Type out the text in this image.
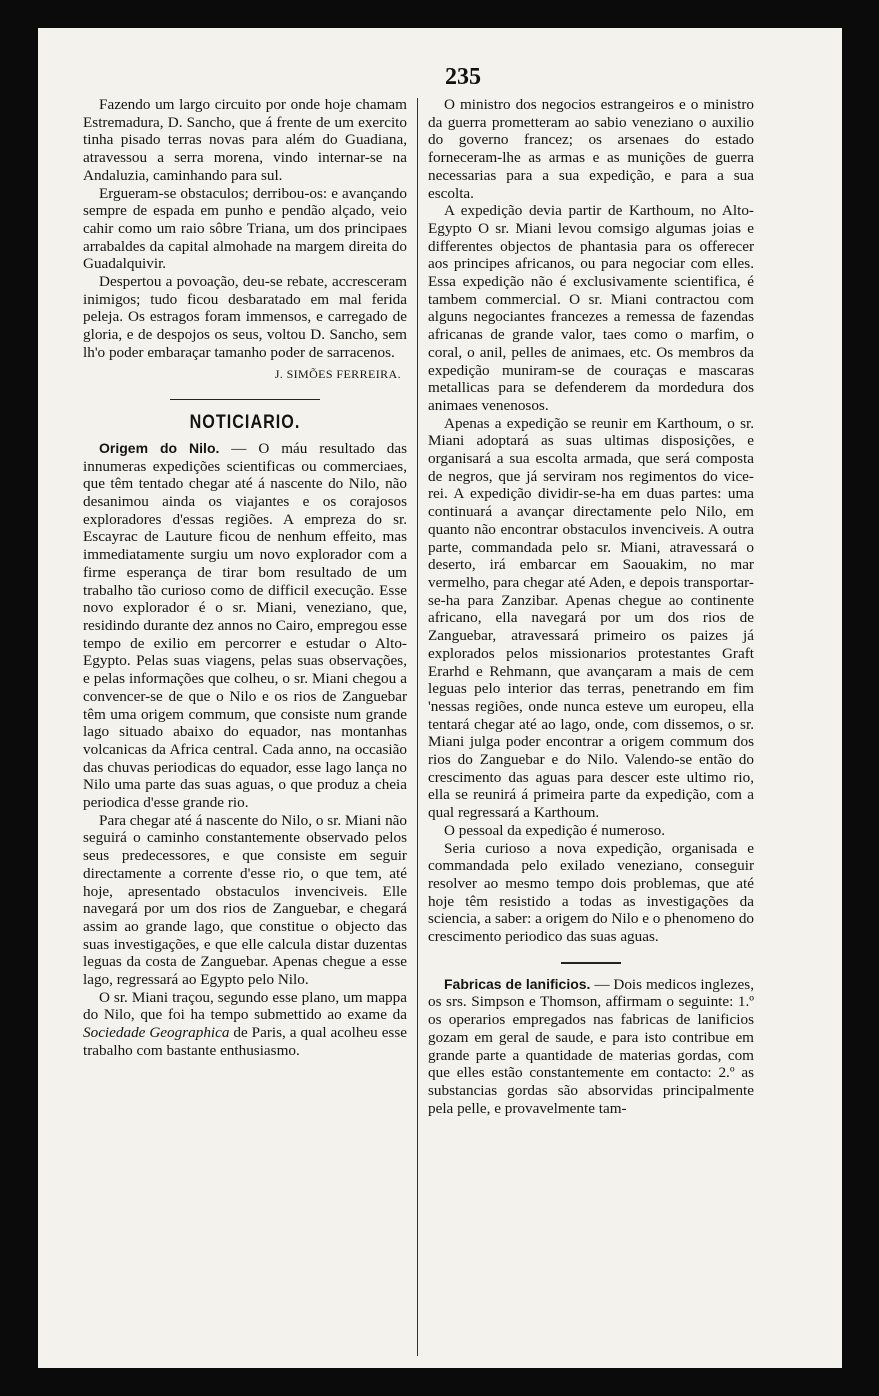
235

Fazendo um largo circuito por onde hoje chamam Estremadura, D. Sancho, que á frente de um exercito tinha pisado terras novas para além do Guadiana, atravessou a serra morena, vindo internar-se na Andaluzia, caminhando para sul.

Ergueram-se obstaculos; derribou-os: e avançando sempre de espada em punho e pendão alçado, veio cahir como um raio sôbre Triana, um dos principaes arrabaldes da capital almohade na margem direita do Guadalquivir.

Despertou a povoação, deu-se rebate, accresceram inimigos; tudo ficou desbaratado em mal ferida peleja. Os estragos foram immensos, e carregado de gloria, e de despojos os seus, voltou D. Sancho, sem lh'o poder embaraçar tamanho poder de sarracenos.

J. SIMÕES FERREIRA.
NOTICIARIO.

Origem do Nilo. — O máu resultado das innumeras expedições scientificas ou commerciaes, que têm tentado chegar até á nascente do Nilo, não desanimou ainda os viajantes e os corajosos exploradores d'essas regiões. A empreza do sr. Escayrac de Lauture ficou de nenhum effeito, mas immediatamente surgiu um novo explorador com a firme esperança de tirar bom resultado de um trabalho tão curioso como de difficil execução. Esse novo explorador é o sr. Miani, veneziano, que, residindo durante dez annos no Cairo, empregou esse tempo de exilio em percorrer e estudar o Alto-Egypto. Pelas suas viagens, pelas suas observações, e pelas informações que colheu, o sr. Miani chegou a convencer-se de que o Nilo e os rios de Zanguebar têm uma origem commum, que consiste num grande lago situado abaixo do equador, nas montanhas volcanicas da Africa central. Cada anno, na occasião das chuvas periodicas do equador, esse lago lança no Nilo uma parte das suas aguas, o que produz a cheia periodica d'esse grande rio.

Para chegar até á nascente do Nilo, o sr. Miani não seguirá o caminho constantemente observado pelos seus predecessores, e que consiste em seguir directamente a corrente d'esse rio, o que tem, até hoje, apresentado obstaculos invenciveis. Elle navegará por um dos rios de Zanguebar, e chegará assim ao grande lago, que constitue o objecto das suas investigações, e que elle calcula distar duzentas leguas da costa de Zanguebar. Apenas chegue a esse lago, regressará ao Egypto pelo Nilo.

O sr. Miani traçou, segundo esse plano, um mappa do Nilo, que foi ha tempo submettido ao exame da Sociedade Geographica de Paris, a qual acolheu esse trabalho com bastante enthusiasmo.

O ministro dos negocios estrangeiros e o ministro da guerra prometteram ao sabio veneziano o auxilio do governo francez; os arsenaes do estado forneceram-lhe as armas e as munições de guerra necessarias para a sua expedição, e para a sua escolta.

A expedição devia partir de Karthoum, no Alto-Egypto O sr. Miani levou comsigo algumas joias e differentes objectos de phantasia para os offerecer aos principes africanos, ou para negociar com elles. Essa expedição não é exclusivamente scientifica, é tambem commercial. O sr. Miani contractou com alguns negociantes francezes a remessa de fazendas africanas de grande valor, taes como o marfim, o coral, o anil, pelles de animaes, etc. Os membros da expedição muniram-se de couraças e mascaras metallicas para se defenderem da mordedura dos animaes venenosos.

Apenas a expedição se reunir em Karthoum, o sr. Miani adoptará as suas ultimas disposições, e organisará a sua escolta armada, que será composta de negros, que já serviram nos regimentos do vice-rei. A expedição dividir-se-ha em duas partes: uma continuará a avançar directamente pelo Nilo, em quanto não encontrar obstaculos invenciveis. A outra parte, commandada pelo sr. Miani, atravessará o deserto, irá embarcar em Saouakim, no mar vermelho, para chegar até Aden, e depois transportar-se-ha para Zanzibar. Apenas chegue ao continente africano, ella navegará por um dos rios de Zanguebar, atravessará primeiro os paizes já explorados pelos missionarios protestantes Graft Erarhd e Rehmann, que avançaram a mais de cem leguas pelo interior das terras, penetrando em fim 'nessas regiões, onde nunca esteve um europeu, ella tentará chegar até ao lago, onde, com dissemos, o sr. Miani julga poder encontrar a origem commum dos rios do Zanguebar e do Nilo. Valendo-se então do crescimento das aguas para descer este ultimo rio, ella se reunirá á primeira parte da expedição, com a qual regressará a Karthoum.

O pessoal da expedição é numeroso.

Seria curioso a nova expedição, organisada e commandada pelo exilado veneziano, conseguir resolver ao mesmo tempo dois problemas, que até hoje têm resistido a todas as investigações da sciencia, a saber: a origem do Nilo e o phenomeno do crescimento periodico das suas aguas.

Fabricas de lanificios. — Dois medicos inglezes, os srs. Simpson e Thomson, affirmam o seguinte: 1.º os operarios empregados nas fabricas de lanificios gozam em geral de saude, e para isto contribue em grande parte a quantidade de materias gordas, com que elles estão constantemente em contacto: 2.º as substancias gordas são absorvidas principalmente pela pelle, e provavelmente tam-
